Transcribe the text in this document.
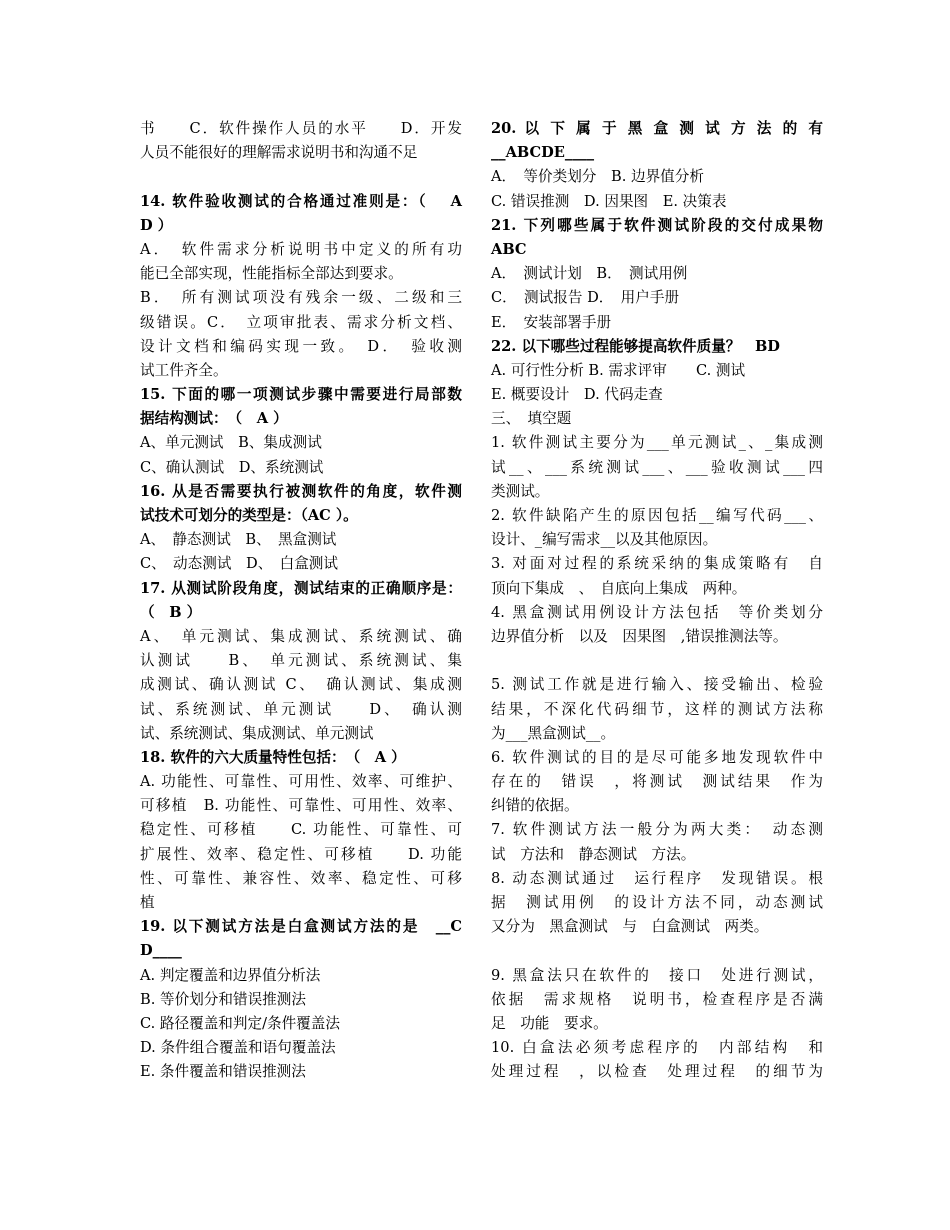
书　　C．软件操作人员的水平　　D．开发
人员不能很好的理解需求说明书和沟通不足
14. 软件验收测试的合格通过准则是：（　 A
D ）
A．　软件需求分析说明书中定义的所有功
能已全部实现，性能指标全部达到要求。
B．　所有测试项没有残余一级、二级和三
级错误。C．　立项审批表、需求分析文档、
设计文档和编码实现一致。　D．　验收测
试工件齐全。
15. 下面的哪一项测试步骤中需要进行局部数
据结构测试：　（　A ）
A、单元测试　B、集成测试
C、确认测试　D、系统测试
16. 从是否需要执行被测软件的角度，软件测
试技术可划分的类型是：（AC ）。
A、　静态测试　B、　黑盒测试
C、　动态测试　D、　白盒测试
17. 从测试阶段角度，测试结束的正确顺序是：
（　B ）
A、　单元测试、集成测试、系统测试、确
认测试　　B、　单元测试、系统测试、集
成测试、确认测试 C、　确认测试、集成测
试、系统测试、单元测试　　D、　确认测
试、系统测试、集成测试、单元测试
18. 软件的六大质量特性包括：　（　A ）
A. 功能性、可靠性、可用性、效率、可维护、
可移植　B. 功能性、可靠性、可用性、效率、
稳定性、可移植　　C. 功能性、可靠性、可
扩展性、效率、稳定性、可移植　　D. 功能
性、可靠性、兼容性、效率、稳定性、可移
植
19. 以下测试方法是白盒测试方法的是　__C
D____
A. 判定覆盖和边界值分析法
B. 等价划分和错误推测法
C. 路径覆盖和判定/条件覆盖法
D. 条件组合覆盖和语句覆盖法
E. 条件覆盖和错误推测法
20. 以 下 属 于 黑 盒 测 试 方 法 的 有
__ABCDE____
A．　等价类划分　B. 边界值分析
C. 错误推测　D. 因果图　E. 决策表
21. 下列哪些属于软件测试阶段的交付成果物
ABC
A．　测试计划　B．　测试用例
C．　测试报告 D．　用户手册
E．　安装部署手册
22. 以下哪些过程能够提高软件质量？　BD
A. 可行性分析 B. 需求评审　　C. 测试
E. 概要设计　D. 代码走查
三、　填空题
1. 软件测试主要分为___单元测试_、_集成测
试__、___系统测试___、___验收测试___四
类测试。
2. 软件缺陷产生的原因包括__编写代码___、
设计、_编写需求__以及其他原因。
3. 对面对过程的系统采纳的集成策略有　自
顶向下集成　、　自底向上集成　两种。
4. 黑盒测试用例设计方法包括　等价类划分
边界值分析　以及　因果图　,错误推测法等。
5. 测试工作就是进行输入、接受输出、检验
结果，不深化代码细节，这样的测试方法称
为___黑盒测试__。
6. 软件测试的目的是尽可能多地发现软件中
存在的　错误　，将测试　测试结果　作为
纠错的依据。
7. 软件测试方法一般分为两大类：　动态测
试　方法和　静态测试　方法。
8. 动态测试通过　运行程序　发现错误。根
据　测试用例　的设计方法不同，动态测试
又分为　黑盒测试　与　白盒测试　两类。
9. 黑盒法只在软件的　接口　处进行测试，
依据　需求规格　说明书，检查程序是否满
足　功能　要求。
10. 白盒法必须考虑程序的　内部结构　和
处理过程　，以检查　处理过程　的细节为
